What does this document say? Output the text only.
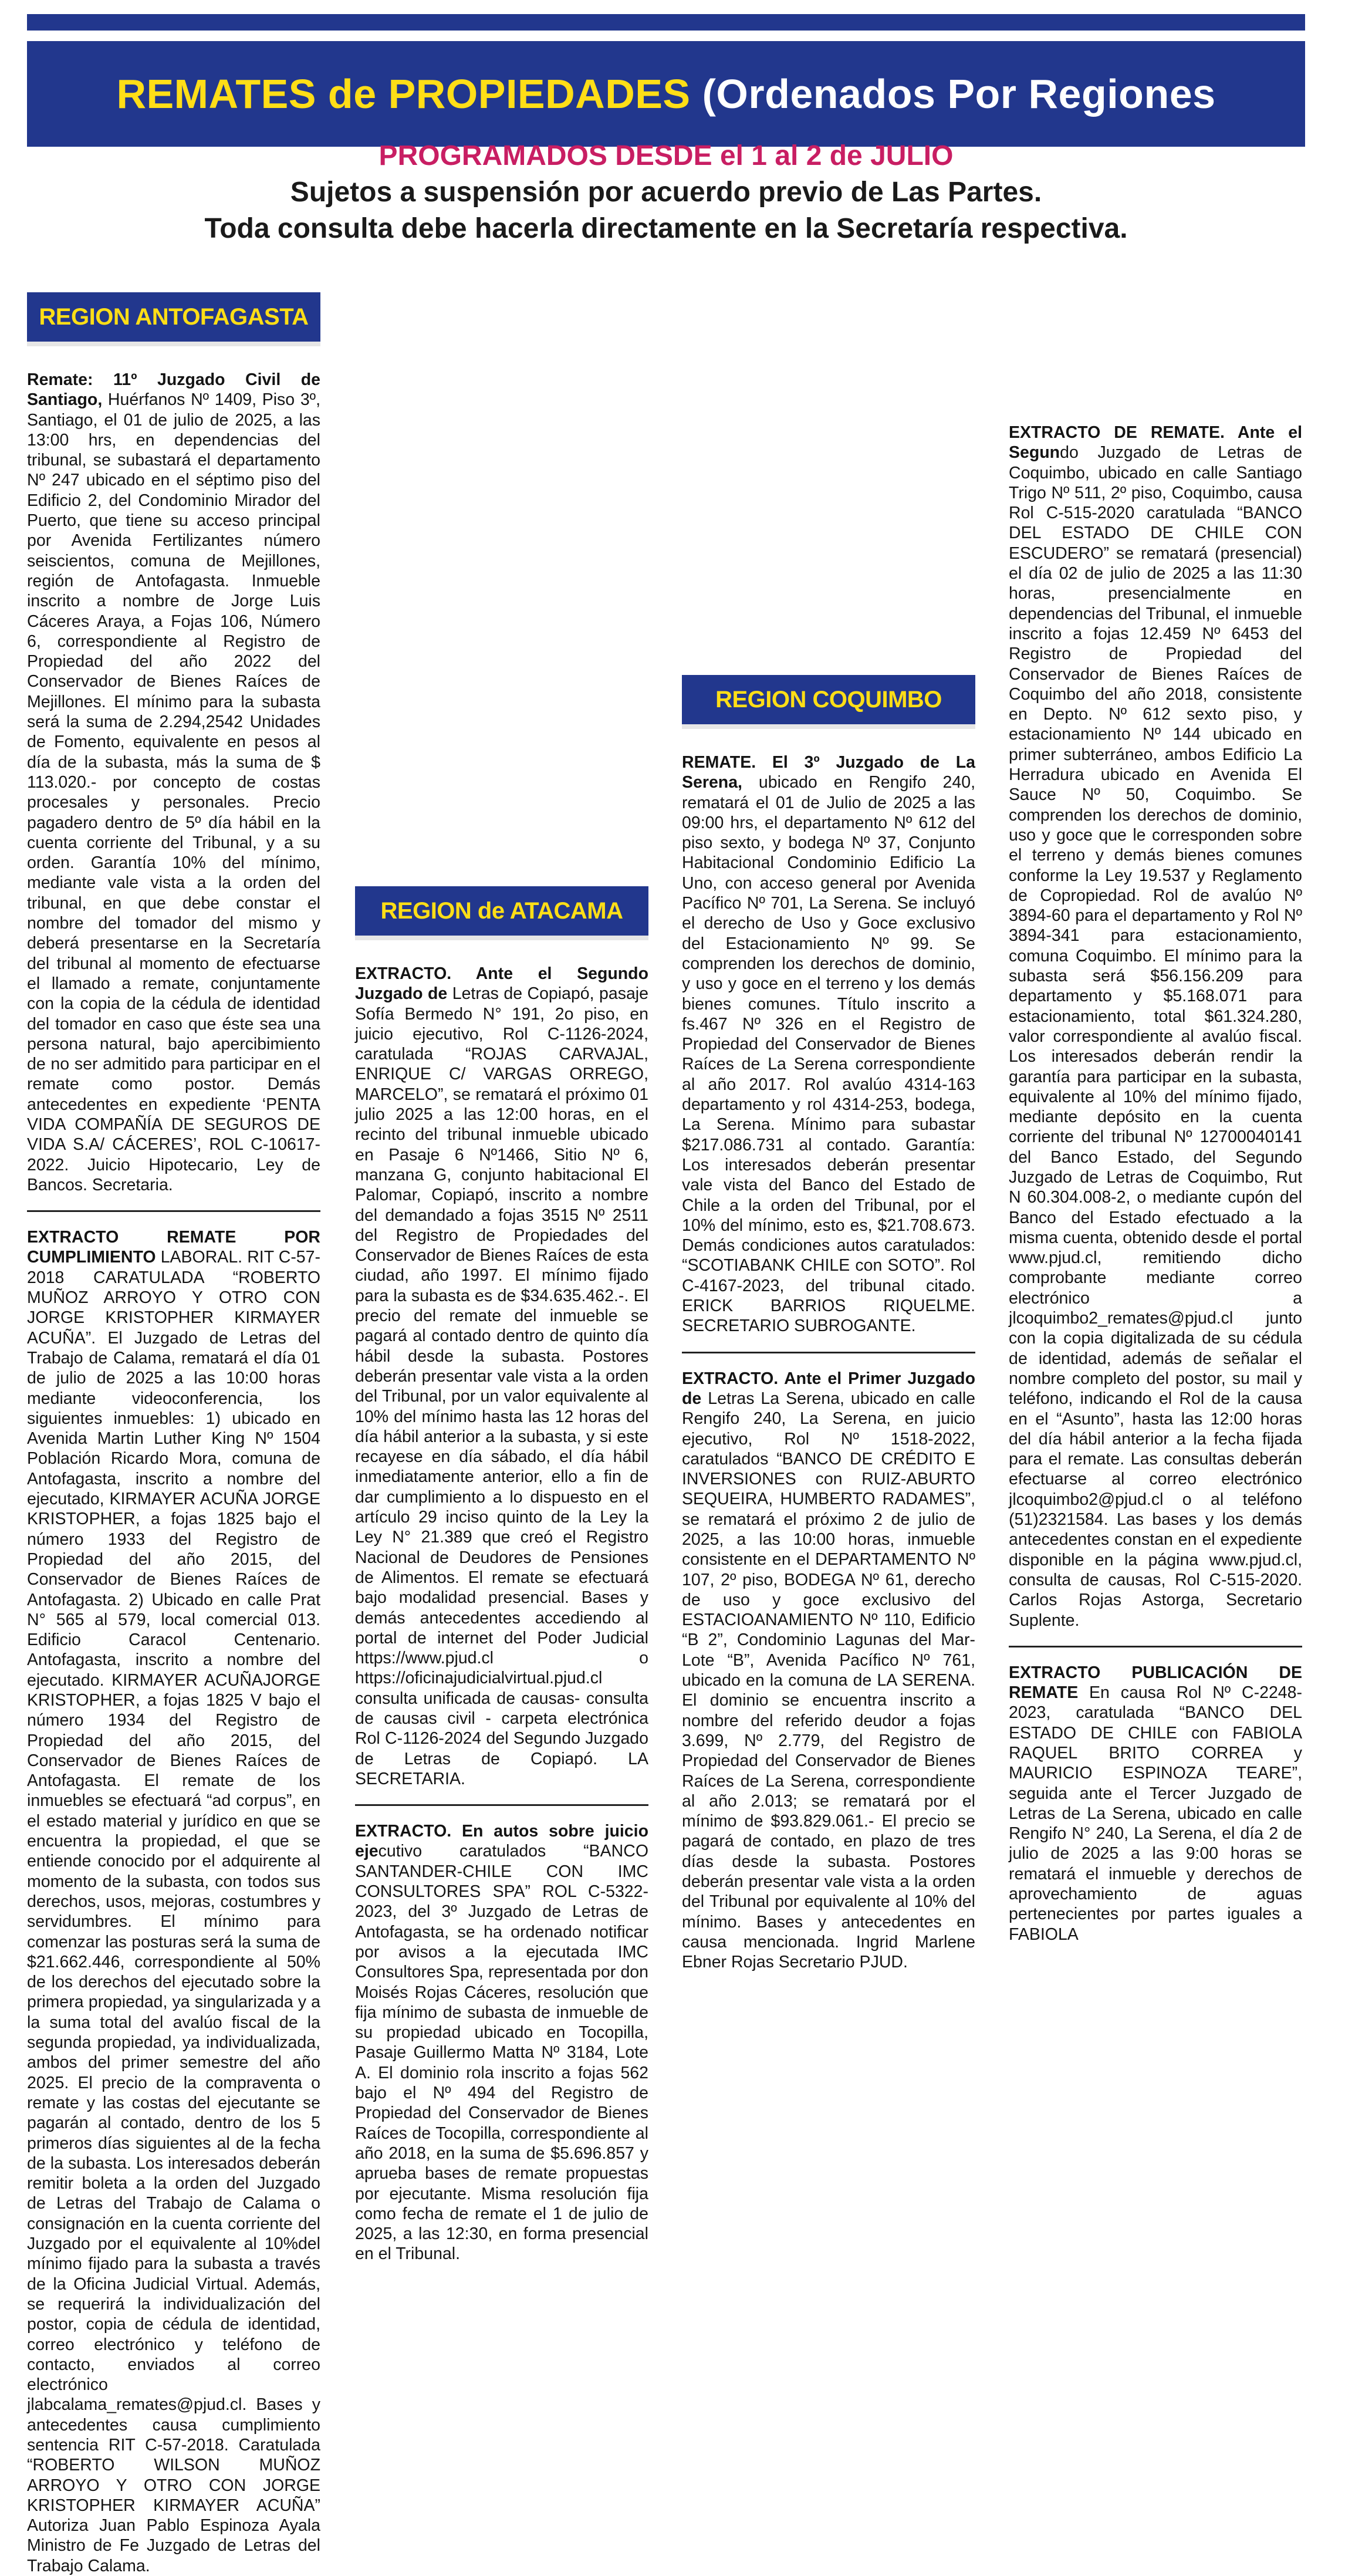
REMATES de PROPIEDADES (Ordenados Por Regiones
PROGRAMADOS DESDE el 1 al 2 de JULIO
Sujetos a suspensión por acuerdo previo de Las Partes.
Toda consulta debe hacerla directamente en la Secretaría respectiva.
REGION ANTOFAGASTA

Remate: 11º Juzgado Civil de Santiago, Huérfanos Nº 1409, Piso 3º, Santiago, el 01 de julio de 2025, a las 13:00 hrs, en dependencias del tribunal, se subastará el departamento Nº 247 ubicado en el séptimo piso del Edificio 2, del Condominio Mirador del Puerto, que tiene su acceso principal por Avenida Fertilizantes número seiscientos, comuna de Mejillones, región de Antofagasta. Inmueble inscrito a nombre de Jorge Luis Cáceres Araya, a Fojas 106, Número 6, correspondiente al Registro de Propiedad del año 2022 del Conservador de Bienes Raíces de Mejillones. El mínimo para la subasta será la suma de 2.294,2542 Unidades de Fomento, equivalente en pesos al día de la subasta, más la suma de $ 113.020.- por concepto de costas procesales y personales. Precio pagadero dentro de 5º día hábil en la cuenta corriente del Tribunal, y a su orden. Garantía 10% del mínimo, mediante vale vista a la orden del tribunal, en que debe constar el nombre del tomador del mismo y deberá presentarse en la Secretaría del tribunal al momento de efectuarse el llamado a remate, conjuntamente con la copia de la cédula de identidad del tomador en caso que éste sea una persona natural, bajo apercibimiento de no ser admitido para participar en el remate como postor. Demás antecedentes en expediente ‘PENTA VIDA COMPAÑÍA DE SEGUROS DE VIDA S.A/ CÁCERES’, ROL C-10617-2022. Juicio Hipotecario, Ley de Bancos. Secretaria.

EXTRACTO REMATE POR CUMPLIMIENTO LABORAL. RIT C-57-2018 CARATULADA “ROBERTO MUÑOZ ARROYO Y OTRO CON JORGE KRISTOPHER KIRMAYER ACUÑA”. El Juzgado de Letras del Trabajo de Calama, rematará el día 01 de julio de 2025 a las 10:00 horas mediante videoconferencia, los siguientes inmuebles: 1) ubicado en Avenida Martin Luther King Nº 1504 Población Ricardo Mora, comuna de Antofagasta, inscrito a nombre del ejecutado, KIRMAYER ACUÑA JORGE KRISTOPHER, a fojas 1825 bajo el número 1933 del Registro de Propiedad del año 2015, del Conservador de Bienes Raíces de Antofagasta. 2) Ubicado en calle Prat N° 565 al 579, local comercial 013. Edificio Caracol Centenario. Antofagasta, inscrito a nombre del ejecutado. KIRMAYER ACUÑAJORGE KRISTOPHER, a fojas 1825 V bajo el número 1934 del Registro de Propiedad del año 2015, del Conservador de Bienes Raíces de Antofagasta. El remate de los inmuebles se efectuará “ad corpus”, en el estado material y jurídico en que se encuentra la propiedad, el que se entiende conocido por el adquirente al momento de la subasta, con todos sus derechos, usos, mejoras, costumbres y servidumbres. El mínimo para comenzar las posturas será la suma de $21.662.446, correspondiente al 50% de los derechos del ejecutado sobre la primera propiedad, ya singularizada y a la suma total del avalúo fiscal de la segunda propiedad, ya individualizada, ambos del primer semestre del año 2025. El precio de la compraventa o remate y las costas del ejecutante se pagarán al contado, dentro de los 5 primeros días siguientes al de la fecha de la subasta. Los interesados deberán remitir boleta a la orden del Juzgado de Letras del Trabajo de Calama o consignación en la cuenta corriente del Juzgado por el equivalente al 10%del mínimo fijado para la subasta a través de la Oficina Judicial Virtual. Además, se requerirá la individualización del postor, copia de cédula de identidad, correo electrónico y teléfono de contacto, enviados al correo electrónico jlabcalama_remates@pjud.cl. Bases y antecedentes causa cumplimiento sentencia RIT C-57-2018. Caratulada “ROBERTO WILSON MUÑOZ ARROYO Y OTRO CON JORGE KRISTOPHER KIRMAYER ACUÑA” Autoriza Juan Pablo Espinoza Ayala Ministro de Fe Juzgado de Letras del Trabajo Calama.

REGION de ATACAMA

EXTRACTO. Ante el Segundo Juzgado de Letras de Copiapó, pasaje Sofía Bermedo N° 191, 2o piso, en juicio ejecutivo, Rol C-1126-2024, caratulada “ROJAS CARVAJAL, ENRIQUE C/ VARGAS ORREGO, MARCELO”, se rematará el próximo 01 julio 2025 a las 12:00 horas, en el recinto del tribunal inmueble ubicado en Pasaje 6 Nº1466, Sitio Nº 6, manzana G, conjunto habitacional El Palomar, Copiapó, inscrito a nombre del demandado a fojas 3515 Nº 2511 del Registro de Propiedades del Conservador de Bienes Raíces de esta ciudad, año 1997. El mínimo fijado para la subasta es de $34.635.462.-. El precio del remate del inmueble se pagará al contado dentro de quinto día hábil desde la subasta. Postores deberán presentar vale vista a la orden del Tribunal, por un valor equivalente al 10% del mínimo hasta las 12 horas del día hábil anterior a la subasta, y si este recayese en día sábado, el día hábil inmediatamente anterior, ello a fin de dar cumplimiento a lo dispuesto en el artículo 29 inciso quinto de la Ley la Ley N° 21.389 que creó el Registro Nacional de Deudores de Pensiones de Alimentos. El remate se efectuará bajo modalidad presencial. Bases y demás antecedentes accediendo al portal de internet del Poder Judicial https://www.pjud.cl o https://oficinajudicialvirtual.pjud.cl consulta unificada de causas- consulta de causas civil - carpeta electrónica Rol C-1126-2024 del Segundo Juzgado de Letras de Copiapó. LA SECRETARIA.

EXTRACTO. En autos sobre juicio ejecutivo caratulados “BANCO SANTANDER-CHILE CON IMC CONSULTORES SPA” ROL C-5322-2023, del 3º Juzgado de Letras de Antofagasta, se ha ordenado notificar por avisos a la ejecutada IMC Consultores Spa, representada por don Moisés Rojas Cáceres, resolución que fija mínimo de subasta de inmueble de su propiedad ubicado en Tocopilla, Pasaje Guillermo Matta Nº 3184, Lote A. El dominio rola inscrito a fojas 562 bajo el Nº 494 del Registro de Propiedad del Conservador de Bienes Raíces de Tocopilla, correspondiente al año 2018, en la suma de $5.696.857 y aprueba bases de remate propuestas por ejecutante. Misma resolución fija como fecha de remate el 1 de julio de 2025, a las 12:30, en forma presencial en el Tribunal.

REGION COQUIMBO

REMATE. El 3º Juzgado de La Serena, ubicado en Rengifo 240, rematará el 01 de Julio de 2025 a las 09:00 hrs, el departamento Nº 612 del piso sexto, y bodega Nº 37, Conjunto Habitacional Condominio Edificio La Uno, con acceso general por Avenida Pacífico Nº 701, La Serena. Se incluyó el derecho de Uso y Goce exclusivo del Estacionamiento Nº 99. Se comprenden los derechos de dominio, y uso y goce en el terreno y los demás bienes comunes. Título inscrito a fs.467 Nº 326 en el Registro de Propiedad del Conservador de Bienes Raíces de La Serena correspondiente al año 2017. Rol avalúo 4314-163 departamento y rol 4314-253, bodega, La Serena. Mínimo para subastar $217.086.731 al contado. Garantía: Los interesados deberán presentar vale vista del Banco del Estado de Chile a la orden del Tribunal, por el 10% del mínimo, esto es, $21.708.673. Demás condiciones autos caratulados: “SCOTIABANK CHILE con SOTO”. Rol C-4167-2023, del tribunal citado. ERICK BARRIOS RIQUELME. SECRETARIO SUBROGANTE.

EXTRACTO. Ante el Primer Juzgado de Letras La Serena, ubicado en calle Rengifo 240, La Serena, en juicio ejecutivo, Rol Nº 1518-2022, caratulados “BANCO DE CRÉDITO E INVERSIONES con RUIZ-ABURTO SEQUEIRA, HUMBERTO RADAMES”, se rematará el próximo 2 de julio de 2025, a las 10:00 horas, inmueble consistente en el DEPARTAMENTO Nº 107, 2º piso, BODEGA Nº 61, derecho de uso y goce exclusivo del ESTACIOANAMIENTO Nº 110, Edificio “B 2”, Condominio Lagunas del Mar-Lote “B”, Avenida Pacífico Nº 761, ubicado en la comuna de LA SERENA. El dominio se encuentra inscrito a nombre del referido deudor a fojas 3.699, Nº 2.779, del Registro de Propiedad del Conservador de Bienes Raíces de La Serena, correspondiente al año 2.013; se rematará por el mínimo de $93.829.061.- El precio se pagará de contado, en plazo de tres días desde la subasta. Postores deberán presentar vale vista a la orden del Tribunal por equivalente al 10% del mínimo. Bases y antecedentes en causa mencionada. Ingrid Marlene Ebner Rojas Secretario PJUD.

EXTRACTO DE REMATE. Ante el Segundo Juzgado de Letras de Coquimbo, ubicado en calle Santiago Trigo Nº 511, 2º piso, Coquimbo, causa Rol C-515-2020 caratulada “BANCO DEL ESTADO DE CHILE CON ESCUDERO” se rematará (presencial) el día 02 de julio de 2025 a las 11:30 horas, presencialmente en dependencias del Tribunal, el inmueble inscrito a fojas 12.459 Nº 6453 del Registro de Propiedad del Conservador de Bienes Raíces de Coquimbo del año 2018, consistente en Depto. Nº 612 sexto piso, y estacionamiento Nº 144 ubicado en primer subterráneo, ambos Edificio La Herradura ubicado en Avenida El Sauce Nº 50, Coquimbo. Se comprenden los derechos de dominio, uso y goce que le corresponden sobre el terreno y demás bienes comunes conforme la Ley 19.537 y Reglamento de Copropiedad. Rol de avalúo Nº 3894-60 para el departamento y Rol Nº 3894-341 para estacionamiento, comuna Coquimbo. El mínimo para la subasta será $56.156.209 para departamento y $5.168.071 para estacionamiento, total $61.324.280, valor correspondiente al avalúo fiscal. Los interesados deberán rendir la garantía para participar en la subasta, equivalente al 10% del mínimo fijado, mediante depósito en la cuenta corriente del tribunal Nº 12700040141 del Banco Estado, del Segundo Juzgado de Letras de Coquimbo, Rut N 60.304.008-2, o mediante cupón del Banco del Estado efectuado a la misma cuenta, obtenido desde el portal www.pjud.cl, remitiendo dicho comprobante mediante correo electrónico a jlcoquimbo2_remates@pjud.cl junto con la copia digitalizada de su cédula de identidad, además de señalar el nombre completo del postor, su mail y teléfono, indicando el Rol de la causa en el “Asunto”, hasta las 12:00 horas del día hábil anterior a la fecha fijada para el remate. Las consultas deberán efectuarse al correo electrónico jlcoquimbo2@pjud.cl o al teléfono (51)2321584. Las bases y los demás antecedentes constan en el expediente disponible en la página www.pjud.cl, consulta de causas, Rol C-515-2020. Carlos Rojas Astorga, Secretario Suplente.

EXTRACTO PUBLICACIÓN DE REMATE En causa Rol Nº C-2248-2023, caratulada “BANCO DEL ESTADO DE CHILE con FABIOLA RAQUEL BRITO CORREA y MAURICIO ESPINOZA TEARE”, seguida ante el Tercer Juzgado de Letras de La Serena, ubicado en calle Rengifo N° 240, La Serena, el día 2 de julio de 2025 a las 9:00 horas se rematará el inmueble y derechos de aprovechamiento de aguas pertenecientes por partes iguales a FABIOLA
